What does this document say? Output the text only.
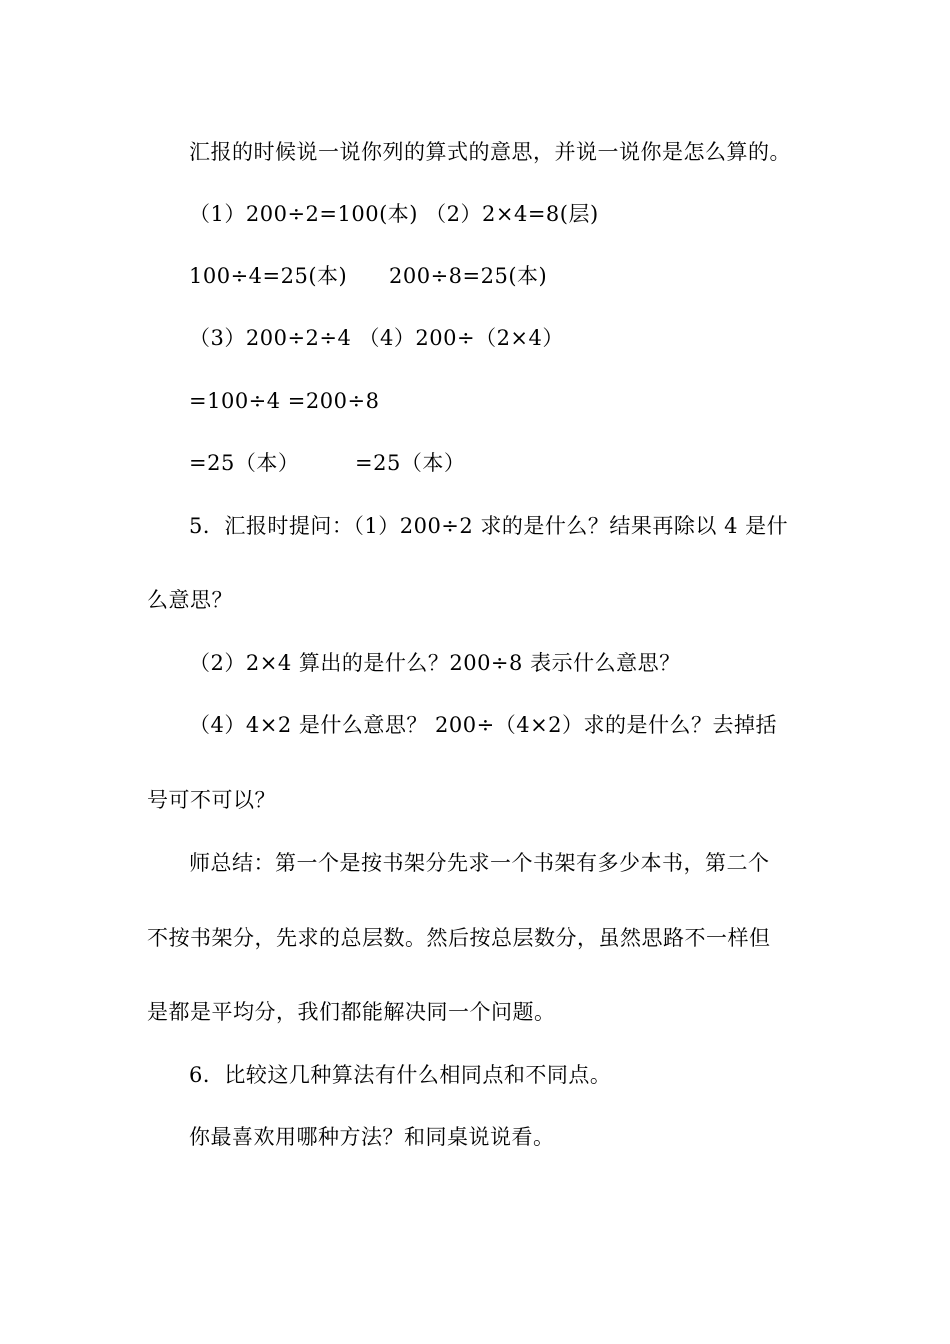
汇报的时候说一说你列的算式的意思，并说一说你是怎么算的。
（1）200÷2=100(本) （2）2×4=8(层)
100÷4=25(本) 200÷8=25(本)
（3）200÷2÷4 （4）200÷（2×4）
=100÷4 =200÷8
=25（本）	=25（本）
5．汇报时提问：（1）200÷2 求的是什么？结果再除以 4 是什
么意思？
（2）2×4 算出的是什么？200÷8 表示什么意思？
（4）4×2 是什么意思？ 200÷（4×2）求的是什么？去掉括
号可不可以？
师总结：第一个是按书架分先求一个书架有多少本书，第二个
不按书架分，先求的总层数。然后按总层数分，虽然思路不一样但
是都是平均分，我们都能解决同一个问题。
6．比较这几种算法有什么相同点和不同点。
你最喜欢用哪种方法？和同桌说说看。
